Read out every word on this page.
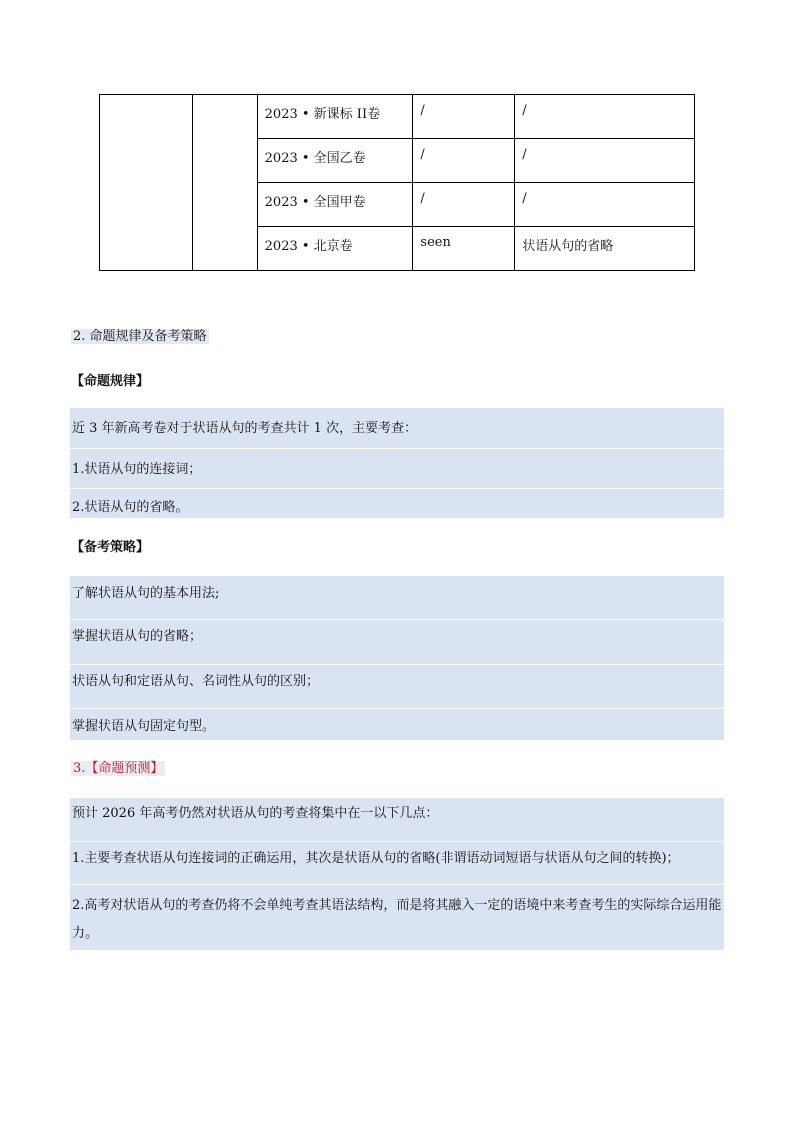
		2023 • 新课标 II卷	/	/
		2023 • 全国乙卷	/	/
		2023 • 全国甲卷	/	/
		2023 • 北京卷	seen	状语从句的省略
2. 命题规律及备考策略
【命题规律】
近 3 年新高考卷对于状语从句的考查共计 1 次，主要考查：
1.状语从句的连接词；
2.状语从句的省略。
【备考策略】
了解状语从句的基本用法;
掌握状语从句的省略；
状语从句和定语从句、名词性从句的区别；
掌握状语从句固定句型。
3.【命题预测】
预计 2026 年高考仍然对状语从句的考查将集中在一以下几点：
1.主要考查状语从句连接词的正确运用，其次是状语从句的省略(非谓语动词短语与状语从句之间的转换)；
2.高考对状语从句的考查仍将不会单纯考查其语法结构，而是将其融入一定的语境中来考查考生的实际综合运用能力。
